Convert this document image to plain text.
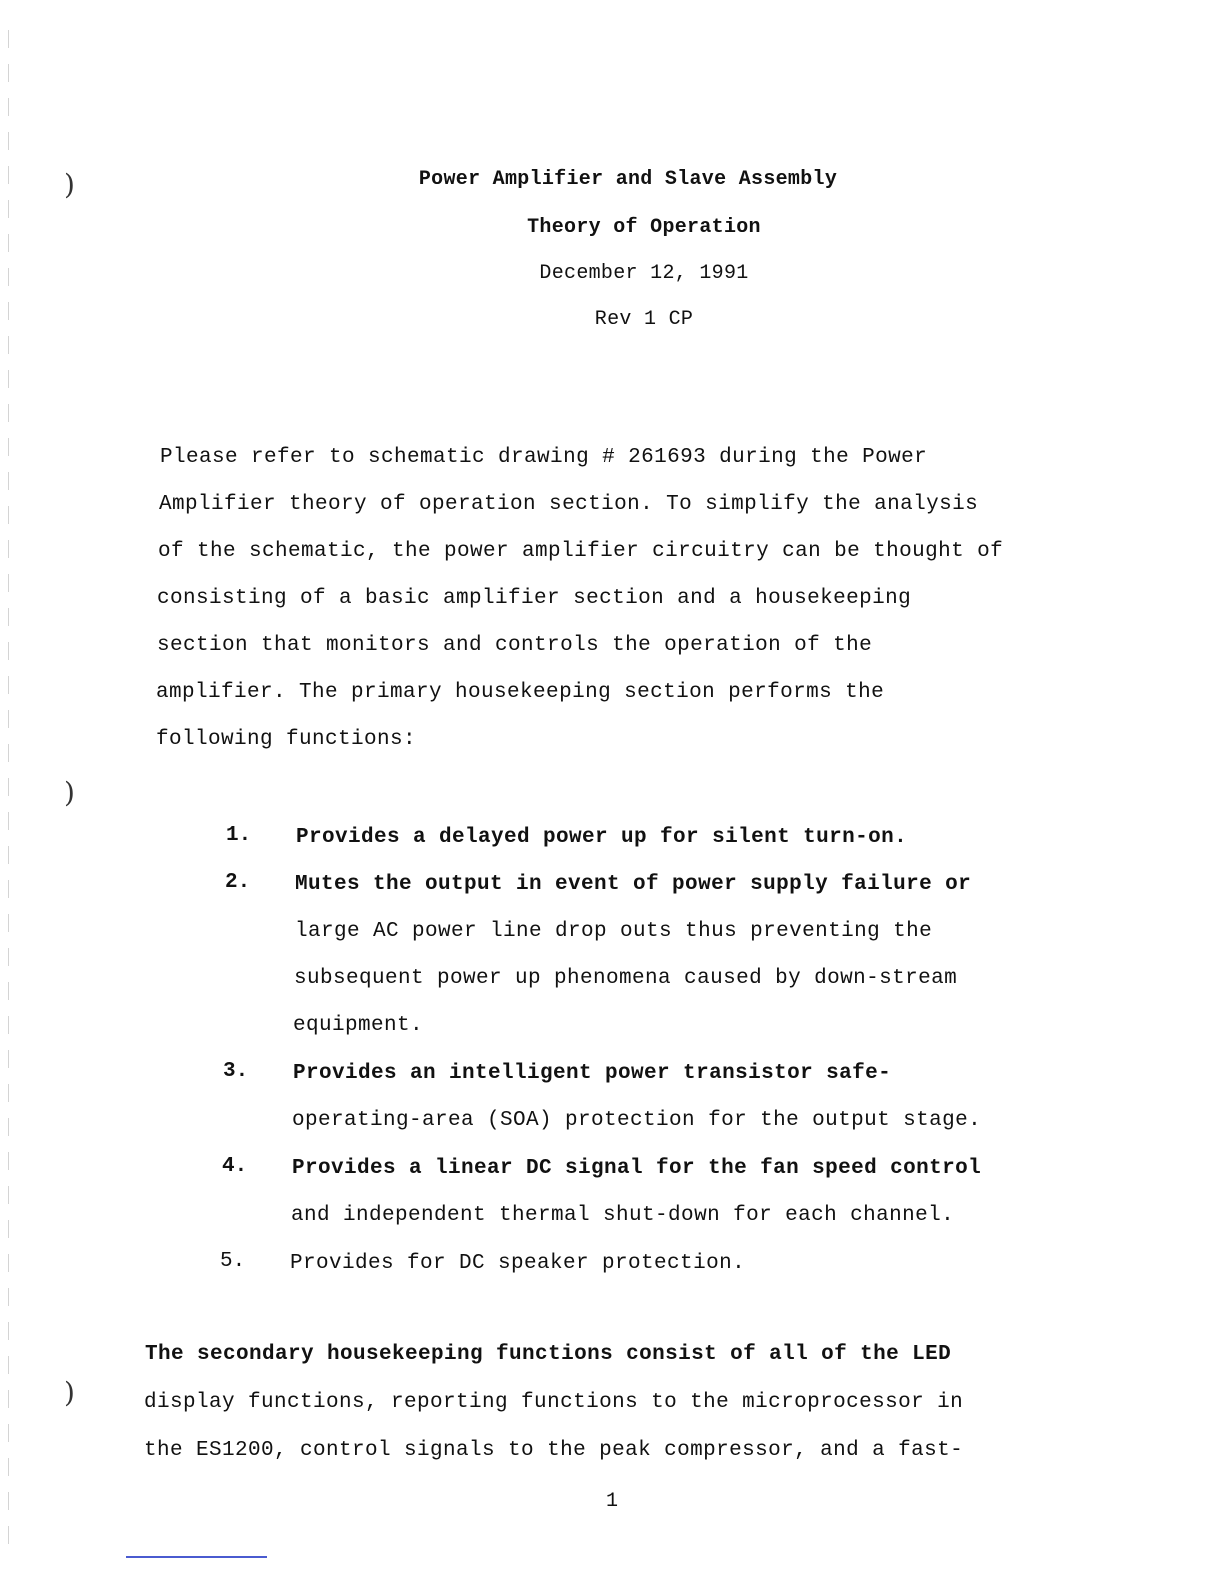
)
)
)
Power Amplifier and Slave Assembly
Theory of Operation
December 12, 1991
Rev 1 CP
Please refer to schematic drawing # 261693 during the Power
Amplifier theory of operation section. To simplify the analysis
of the schematic, the power amplifier circuitry can be thought of
consisting of a basic amplifier section and a housekeeping
section that monitors and controls the operation of the
amplifier. The primary housekeeping section performs the
following functions:
1. Provides a delayed power up for silent turn-on.
2. Mutes the output in event of power supply failure or
large AC power line drop outs thus preventing the
subsequent power up phenomena caused by down-stream
equipment.
3. Provides an intelligent power transistor safe-
operating-area (SOA) protection for the output stage.
4. Provides a linear DC signal for the fan speed control
and independent thermal shut-down for each channel.
5. Provides for DC speaker protection.
The secondary housekeeping functions consist of all of the LED
display functions, reporting functions to the microprocessor in
the ES1200, control signals to the peak compressor, and a fast-
1
